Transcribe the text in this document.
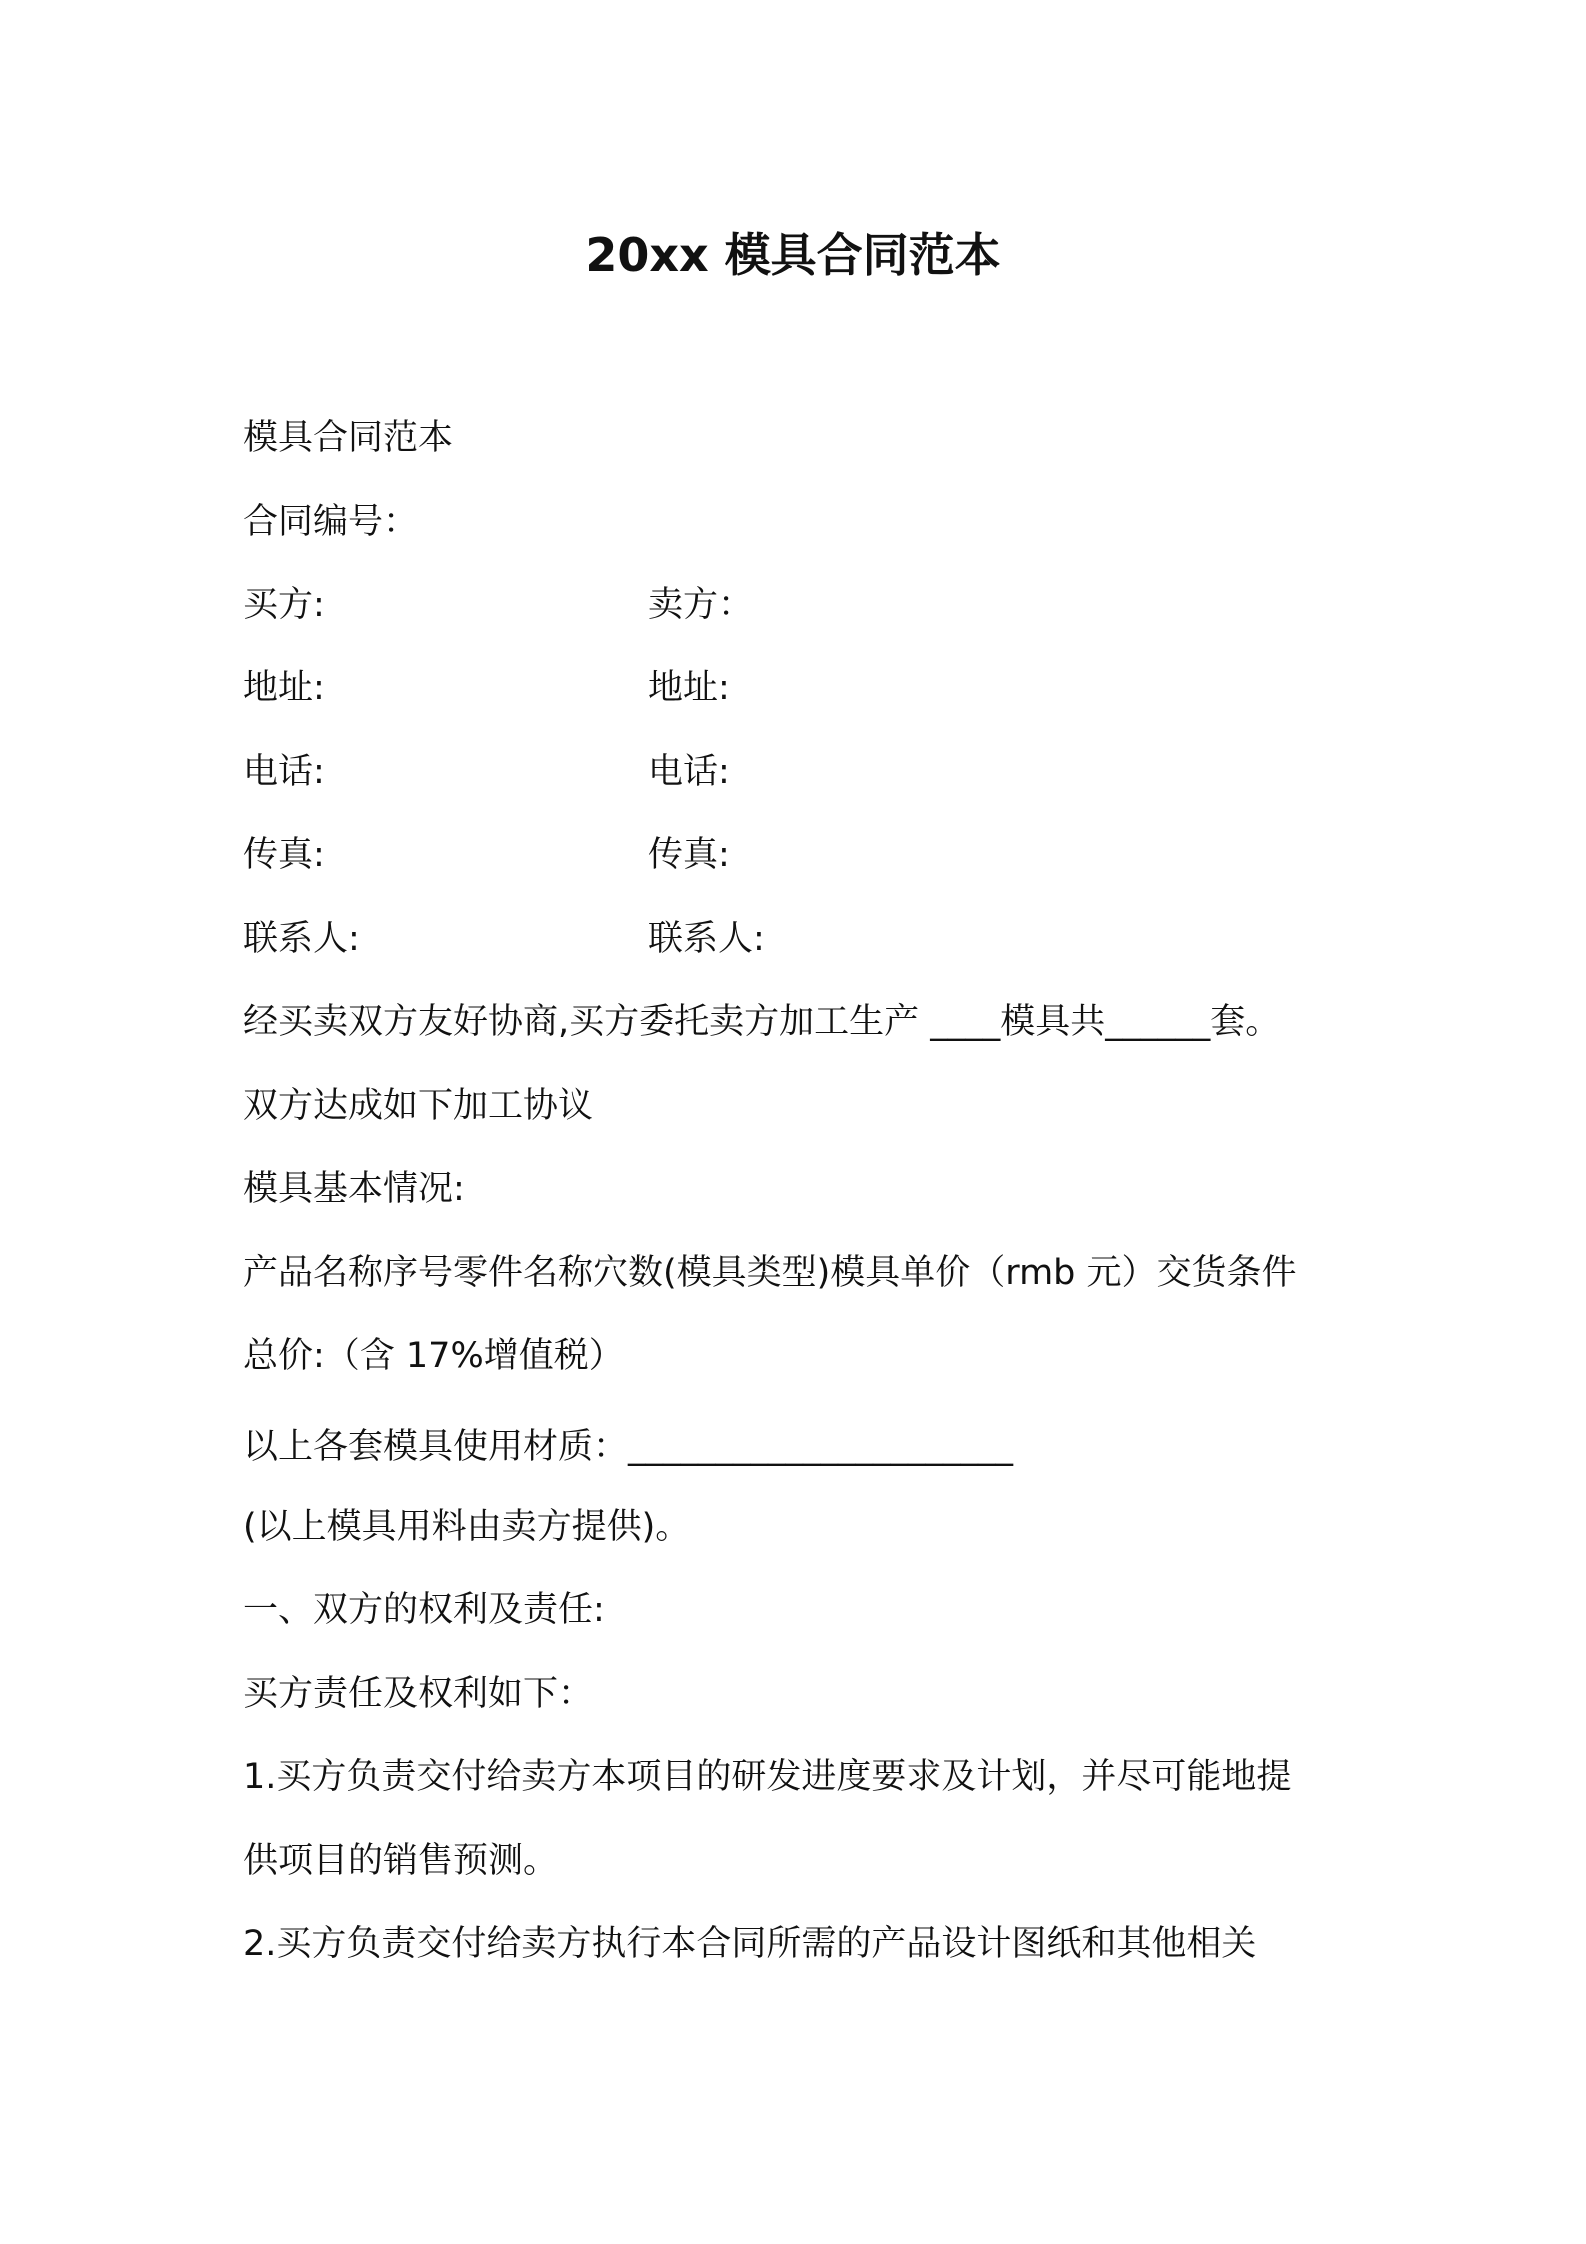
20xx 模具合同范本
模具合同范本
合同编号：
买方:	卖方：
地址:	地址:
电话:	电话:
传真:	传真:
联系人:	联系人:
经买卖双方友好协商,买方委托卖方加工生产 ____模具共______套。
双方达成如下加工协议
模具基本情况:
产品名称序号零件名称穴数(模具类型)模具单价（rmb 元）交货条件
总价:（含 17%增值税）
以上各套模具使用材质：______________________
(以上模具用料由卖方提供)。
一、双方的权利及责任:
买方责任及权利如下：
1.买方负责交付给卖方本项目的研发进度要求及计划，并尽可能地提
供项目的销售预测。
2.买方负责交付给卖方执行本合同所需的产品设计图纸和其他相关
